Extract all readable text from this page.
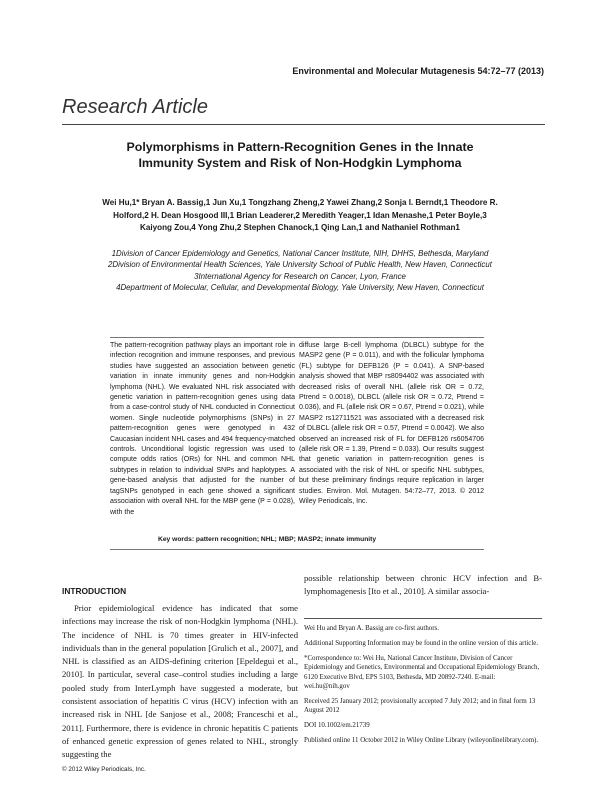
Environmental and Molecular Mutagenesis 54:72–77 (2013)
Research Article
Polymorphisms in Pattern-Recognition Genes in the Innate Immunity System and Risk of Non-Hodgkin Lymphoma
Wei Hu,1* Bryan A. Bassig,1 Jun Xu,1 Tongzhang Zheng,2 Yawei Zhang,2 Sonja I. Berndt,1 Theodore R. Holford,2 H. Dean Hosgood III,1 Brian Leaderer,2 Meredith Yeager,1 Idan Menashe,1 Peter Boyle,3 Kaiyong Zou,4 Yong Zhu,2 Stephen Chanock,1 Qing Lan,1 and Nathaniel Rothman1
1Division of Cancer Epidemiology and Genetics, National Cancer Institute, NIH, DHHS, Bethesda, Maryland
2Division of Environmental Health Sciences, Yale University School of Public Health, New Haven, Connecticut
3International Agency for Research on Cancer, Lyon, France
4Department of Molecular, Cellular, and Developmental Biology, Yale University, New Haven, Connecticut
The pattern-recognition pathway plays an important role in infection recognition and immune responses, and previous studies have suggested an association between genetic variation in innate immunity genes and non-Hodgkin lymphoma (NHL). We evaluated NHL risk associated with genetic variation in pattern-recognition genes using data from a case-control study of NHL conducted in Connecticut women. Single nucleotide polymorphisms (SNPs) in 27 pattern-recognition genes were genotyped in 432 Caucasian incident NHL cases and 494 frequency-matched controls. Unconditional logistic regression was used to compute odds ratios (ORs) for NHL and common NHL subtypes in relation to individual SNPs and haplotypes. A gene-based analysis that adjusted for the number of tagSNPs genotyped in each gene showed a significant association with overall NHL for the MBP gene (P = 0.028), with the
diffuse large B-cell lymphoma (DLBCL) subtype for the MASP2 gene (P = 0.011), and with the follicular lymphoma (FL) subtype for DEFB126 (P = 0.041). A SNP-based analysis showed that MBP rs8094402 was associated with decreased risks of overall NHL (allele risk OR = 0.72, Ptrend = 0.0018), DLBCL (allele risk OR = 0.72, Ptrend = 0.036), and FL (allele risk OR = 0.67, Ptrend = 0.021), while MASP2 rs12711521 was associated with a decreased risk of DLBCL (allele risk OR = 0.57, Ptrend = 0.0042). We also observed an increased risk of FL for DEFB126 rs6054706 (allele risk OR = 1.39, Ptrend = 0.033). Our results suggest that genetic variation in pattern-recognition genes is associated with the risk of NHL or specific NHL subtypes, but these preliminary findings require replication in larger studies. Environ. Mol. Mutagen. 54:72–77, 2013. © 2012 Wiley Periodicals, Inc.
Key words: pattern recognition; NHL; MBP; MASP2; innate immunity
INTRODUCTION
Prior epidemiological evidence has indicated that some infections may increase the risk of non-Hodgkin lymphoma (NHL). The incidence of NHL is 70 times greater in HIV-infected individuals than in the general population [Grulich et al., 2007], and NHL is classified as an AIDS-defining criterion [Epeldegui et al., 2010]. In particular, several case–control studies including a large pooled study from InterLymph have suggested a moderate, but consistent association of hepatitis C virus (HCV) infection with an increased risk in NHL [de Sanjose et al., 2008; Franceschi et al., 2011]. Furthermore, there is evidence in chronic hepatitis C patients of enhanced genetic expression of genes related to NHL, strongly suggesting the
possible relationship between chronic HCV infection and B-lymphomagenesis [Ito et al., 2010]. A similar associa-

Wei Hu and Bryan A. Bassig are co-first authors.

Additional Supporting Information may be found in the online version of this article.

*Correspondence to: Wei Hu, National Cancer Institute, Division of Cancer Epidemiology and Genetics, Environmental and Occupational Epidemiology Branch, 6120 Executive Blvd, EPS 5103, Bethesda, MD 20892-7240. E-mail: wei.hu@nih.gov

Received 25 January 2012; provisionally accepted 7 July 2012; and in final form 13 August 2012

DOI 10.1002/em.21739

Published online 11 October 2012 in Wiley Online Library (wileyonlinelibrary.com).

© 2012 Wiley Periodicals, Inc.
